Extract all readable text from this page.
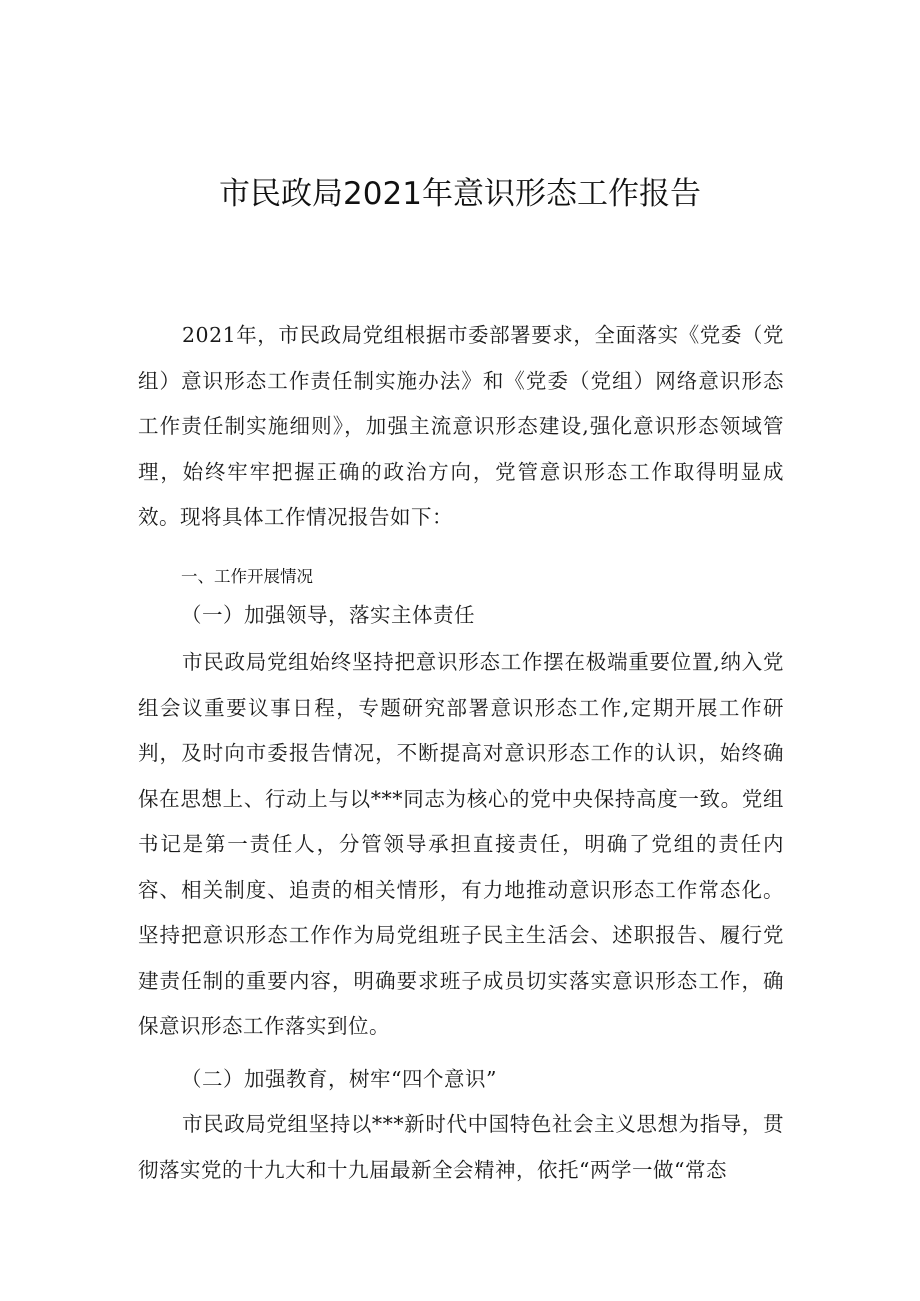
市民政局2021年意识形态工作报告

2021年，市民政局党组根据市委部署要求，全面落实《党委（党组）意识形态工作责任制实施办法》和《党委（党组）网络意识形态工作责任制实施细则》，加强主流意识形态建设,强化意识形态领域管理，始终牢牢把握正确的政治方向，党管意识形态工作取得明显成效。现将具体工作情况报告如下：

一、工作开展情况

（一）加强领导，落实主体责任

市民政局党组始终坚持把意识形态工作摆在极端重要位置,纳入党组会议重要议事日程，专题研究部署意识形态工作,定期开展工作研判，及时向市委报告情况，不断提高对意识形态工作的认识，始终确保在思想上、行动上与以***同志为核心的党中央保持高度一致。党组书记是第一责任人，分管领导承担直接责任，明确了党组的责任内容、相关制度、追责的相关情形，有力地推动意识形态工作常态化。坚持把意识形态工作作为局党组班子民主生活会、述职报告、履行党建责任制的重要内容，明确要求班子成员切实落实意识形态工作，确保意识形态工作落实到位。

（二）加强教育，树牢“四个意识”

市民政局党组坚持以***新时代中国特色社会主义思想为指导，贯彻落实党的十九大和十九届最新全会精神，依托“两学一做“常态
